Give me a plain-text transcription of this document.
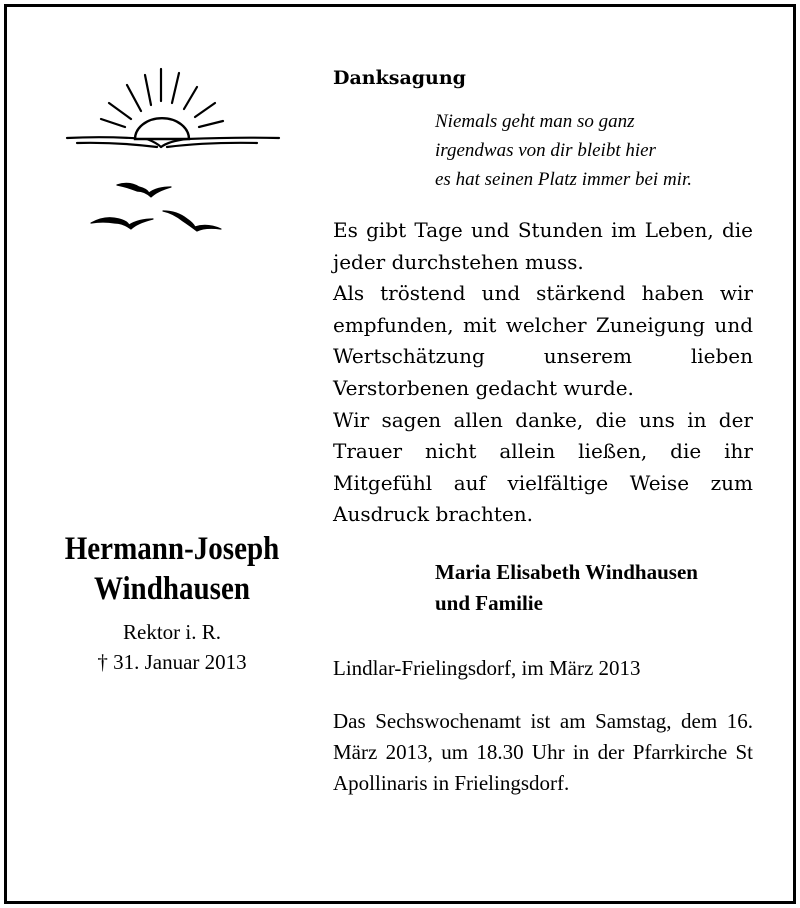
Hermann-Joseph
Windhausen
Rektor i. R.
† 31. Januar 2013
Danksagung
Niemals geht man so ganz
irgendwas von dir bleibt hier
es hat seinen Platz immer bei mir.

Es gibt Tage und Stunden im Leben, die jeder durchstehen muss.

Als tröstend und stärkend haben wir empfunden, mit welcher Zuneigung und Wertschätzung unserem lieben Verstorbenen gedacht wurde.

Wir sagen allen danke, die uns in der Trauer nicht allein ließen, die ihr Mitgefühl auf vielfältige Weise zum Ausdruck brachten.

Maria Elisabeth Windhausen
und Familie
Lindlar-Frielingsdorf, im März 2013

Das Sechswochenamt ist am Samstag, dem 16. März 2013, um 18.30 Uhr in der Pfarrkirche St Apollinaris in Frielingsdorf.
